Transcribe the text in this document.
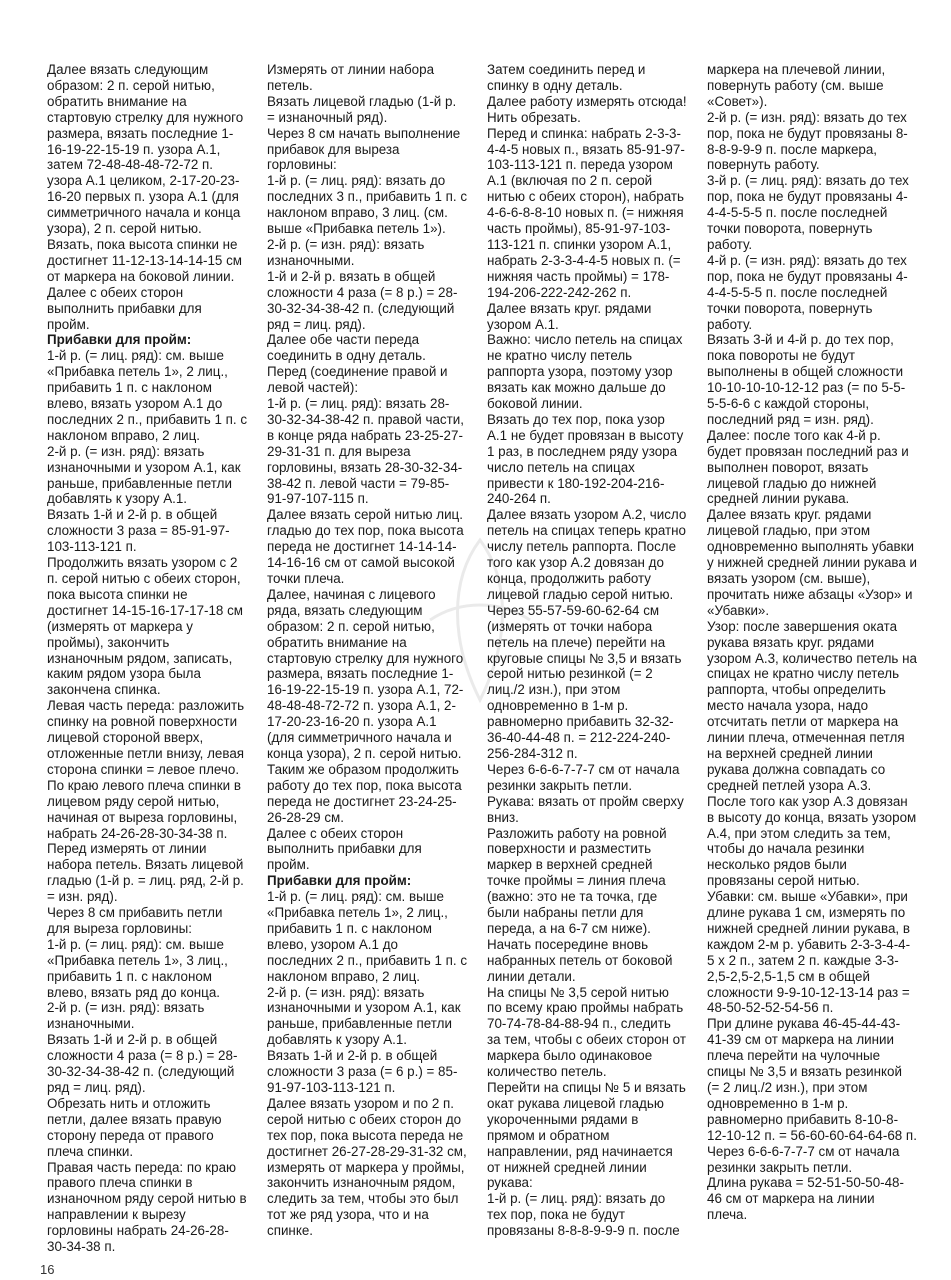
Далее вязать следующим образом: 2 п. серой нитью, обратить внимание на стартовую стрелку для нужного размера, вязать последние 1-16-19-22-15-19 п. узора А.1, затем 72-48-48-48-72-72 п. узора А.1 целиком, 2-17-20-23-16-20 первых п. узора А.1 (для симметричного начала и конца узора), 2 п. серой нитью. Вязать, пока высота спинки не достигнет 11-12-13-14-14-15 см от маркера на боковой линии.

Далее с обеих сторон выполнить прибавки для пройм.

Прибавки для пройм:

1-й р. (= лиц. ряд): см. выше «Прибавка петель 1», 2 лиц., прибавить 1 п. с наклоном влево, вязать узором А.1 до последних 2 п., прибавить 1 п. с наклоном вправо, 2 лиц.

2-й р. (= изн. ряд): вязать изнаночными и узором А.1, как раньше, прибавленные петли добавлять к узору А.1.

Вязать 1-й и 2-й р. в общей сложности 3 раза = 85-91-97-103-113-121 п.

Продолжить вязать узором с 2 п. серой нитью с обеих сторон, пока высота спинки не достигнет 14-15-16-17-17-18 см (измерять от маркера у проймы), закончить изнаночным рядом, записать, каким рядом узора была закончена спинка.

Левая часть переда: разложить спинку на ровной поверхности лицевой стороной вверх, отложенные петли внизу, левая сторона спинки = левое плечо.

По краю левого плеча спинки в лицевом ряду серой нитью, начиная от выреза горловины, набрать 24-26-28-30-34-38 п.

Перед измерять от линии набора петель. Вязать лицевой гладью (1-й р. = лиц. ряд, 2-й р. = изн. ряд).

Через 8 см прибавить петли для выреза горловины:

1-й р. (= лиц. ряд): см. выше «Прибавка петель 1», 3 лиц., прибавить 1 п. с наклоном влево, вязать ряд до конца.

2-й р. (= изн. ряд): вязать изнаночными.

Вязать 1-й и 2-й р. в общей сложности 4 раза (= 8 р.) = 28-30-32-34-38-42 п. (следующий ряд = лиц. ряд).

Обрезать нить и отложить петли, далее вязать правую сторону переда от правого плеча спинки.

Правая часть переда: по краю правого плеча спинки в изнаночном ряду серой нитью в направлении к вырезу горловины набрать 24-26-28-30-34-38 п.

Измерять от линии набора петель.

Вязать лицевой гладью (1-й р. = изнаночный ряд).

Через 8 см начать выполнение прибавок для выреза горловины:

1-й р. (= лиц. ряд): вязать до последних 3 п., прибавить 1 п. с наклоном вправо, 3 лиц. (см. выше «Прибавка петель 1»).

2-й р. (= изн. ряд): вязать изнаночными.

1-й и 2-й р. вязать в общей сложности 4 раза (= 8 р.) = 28-30-32-34-38-42 п. (следующий ряд = лиц. ряд).

Далее обе части переда соединить в одну деталь.

Перед (соединение правой и левой частей):

1-й р. (= лиц. ряд): вязать 28-30-32-34-38-42 п. правой части, в конце ряда набрать 23-25-27-29-31-31 п. для выреза горловины, вязать 28-30-32-34-38-42 п. левой части = 79-85-91-97-107-115 п.

Далее вязать серой нитью лиц. гладью до тех пор, пока высота переда не достигнет 14-14-14-14-16-16 см от самой высокой точки плеча.

Далее, начиная с лицевого ряда, вязать следующим образом: 2 п. серой нитью, обратить внимание на стартовую стрелку для нужного размера, вязать последние 1-16-19-22-15-19 п. узора А.1, 72-48-48-48-72-72 п. узора А.1, 2-17-20-23-16-20 п. узора А.1 (для симметричного начала и конца узора), 2 п. серой нитью.

Таким же образом продолжить работу до тех пор, пока высота переда не достигнет 23-24-25-26-28-29 см.

Далее с обеих сторон выполнить прибавки для пройм.

Прибавки для пройм:

1-й р. (= лиц. ряд): см. выше «Прибавка петель 1», 2 лиц., прибавить 1 п. с наклоном влево, узором А.1 до последних 2 п., прибавить 1 п. с наклоном вправо, 2 лиц.

2-й р. (= изн. ряд): вязать изнаночными и узором А.1, как раньше, прибавленные петли добавлять к узору А.1.

Вязать 1-й и 2-й р. в общей сложности 3 раза (= 6 р.) = 85-91-97-103-113-121 п.

Далее вязать узором и по 2 п. серой нитью с обеих сторон до тех пор, пока высота переда не достигнет 26-27-28-29-31-32 см, измерять от маркера у проймы, закончить изнаночным рядом, следить за тем, чтобы это был тот же ряд узора, что и на спинке.

Затем соединить перед и спинку в одну деталь.

Далее работу измерять отсюда! Нить обрезать.

Перед и спинка: набрать 2-3-3-4-4-5 новых п., вязать 85-91-97-103-113-121 п. переда узором А.1 (включая по 2 п. серой нитью с обеих сторон), набрать 4-6-6-8-8-10 новых п. (= нижняя часть проймы), 85-91-97-103-113-121 п. спинки узором А.1, набрать 2-3-3-4-4-5 новых п. (= нижняя часть проймы) = 178-194-206-222-242-262 п.

Далее вязать круг. рядами узором А.1.

Важно: число петель на спицах не кратно числу петель раппорта узора, поэтому узор вязать как можно дальше до боковой линии.

Вязать до тех пор, пока узор А.1 не будет провязан в высоту 1 раз, в последнем ряду узора число петель на спицах привести к 180-192-204-216-240-264 п.

Далее вязать узором А.2, число петель на спицах теперь кратно числу петель раппорта. После того как узор А.2 довязан до конца, продолжить работу лицевой гладью серой нитью.

Через 55-57-59-60-62-64 см (измерять от точки набора петель на плече) перейти на круговые спицы № 3,5 и вязать серой нитью резинкой (= 2 лиц./2 изн.), при этом одновременно в 1-м р. равномерно прибавить 32-32-36-40-44-48 п. = 212-224-240-256-284-312 п.

Через 6-6-6-7-7-7 см от начала резинки закрыть петли.

Рукава: вязать от пройм сверху вниз.

Разложить работу на ровной поверхности и разместить маркер в верхней средней точке проймы = линия плеча (важно: это не та точка, где были набраны петли для переда, а на 6-7 см ниже).

Начать посередине вновь набранных петель от боковой линии детали.

На спицы № 3,5 серой нитью по всему краю проймы набрать 70-74-78-84-88-94 п., следить за тем, чтобы с обеих сторон от маркера было одинаковое количество петель.

Перейти на спицы № 5 и вязать окат рукава лицевой гладью укороченными рядами в прямом и обратном направлении, ряд начинается от нижней средней линии рукава:

1-й р. (= лиц. ряд): вязать до тех пор, пока не будут провязаны 8-8-8-9-9-9 п. после

маркера на плечевой линии, повернуть работу (см. выше «Совет»).

2-й р. (= изн. ряд): вязать до тех пор, пока не будут провязаны 8-8-8-9-9-9 п. после маркера, повернуть работу.

3-й р. (= лиц. ряд): вязать до тех пор, пока не будут провязаны 4-4-4-5-5-5 п. после последней точки поворота, повернуть работу.

4-й р. (= изн. ряд): вязать до тех пор, пока не будут провязаны 4-4-4-5-5-5 п. после последней точки поворота, повернуть работу.

Вязать 3-й и 4-й р. до тех пор, пока повороты не будут выполнены в общей сложности 10-10-10-10-12-12 раз (= по 5-5-5-5-6-6 с каждой стороны, последний ряд = изн. ряд).

Далее: после того как 4-й р. будет провязан последний раз и выполнен поворот, вязать лицевой гладью до нижней средней линии рукава.

Далее вязать круг. рядами лицевой гладью, при этом одновременно выполнять убавки у нижней средней линии рукава и вязать узором (см. выше), прочитать ниже абзацы «Узор» и «Убавки».

Узор: после завершения оката рукава вязать круг. рядами узором А.3, количество петель на спицах не кратно числу петель раппорта, чтобы определить место начала узора, надо отсчитать петли от маркера на линии плеча, отмеченная петля на верхней средней линии рукава должна совпадать со средней петлей узора А.3.

После того как узор А.3 довязан в высоту до конца, вязать узором А.4, при этом следить за тем, чтобы до начала резинки несколько рядов были провязаны серой нитью.

Убавки: см. выше «Убавки», при длине рукава 1 см, измерять по нижней средней линии рукава, в каждом 2-м р. убавить 2-3-3-4-4-5 х 2 п., затем 2 п. каждые 3-3-2,5-2,5-2,5-1,5 см в общей сложности 9-9-10-12-13-14 раз = 48-50-52-52-54-56 п.

При длине рукава 46-45-44-43-41-39 см от маркера на линии плеча перейти на чулочные спицы № 3,5 и вязать резинкой (= 2 лиц./2 изн.), при этом одновременно в 1-м р. равномерно прибавить 8-10-8-12-10-12 п. = 56-60-60-64-64-68 п.

Через 6-6-6-7-7-7 см от начала резинки закрыть петли.

Длина рукава = 52-51-50-50-48-46 см от маркера на линии плеча.

16
